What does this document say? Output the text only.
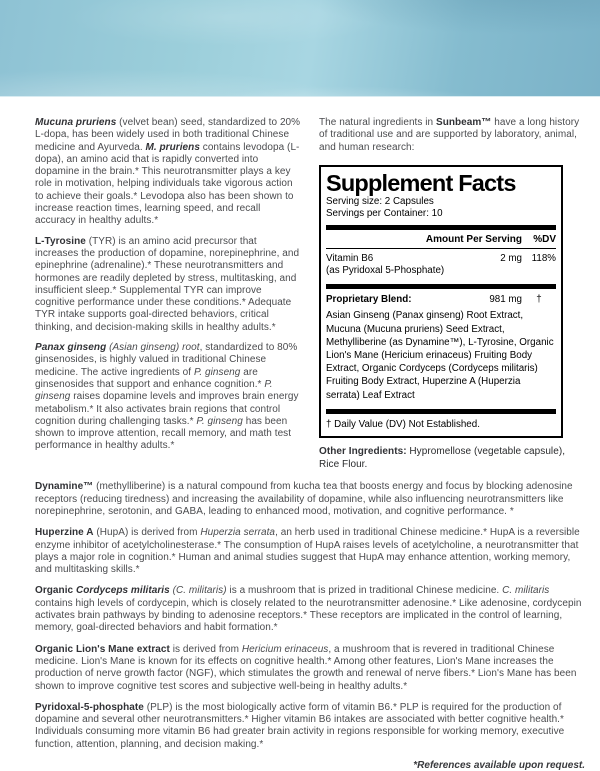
Mucuna pruriens (velvet bean) seed, standardized to 20% L-dopa, has been widely used in both traditional Chinese medicine and Ayurveda. M. pruriens contains levodopa (L-dopa), an amino acid that is rapidly converted into dopamine in the brain.* This neurotransmitter plays a key role in motivation, helping individuals take vigorous action to achieve their goals.* Levodopa also has been shown to increase reaction times, learning speed, and recall accuracy in healthy adults.*

L-Tyrosine (TYR) is an amino acid precursor that increases the production of dopamine, norepinephrine, and epinephrine (adrenaline).* These neurotransmitters and hormones are readily depleted by stress, multitasking, and insufficient sleep.* Supplemental TYR can improve cognitive performance under these conditions.* Adequate TYR intake supports goal-directed behaviors, critical thinking, and decision-making skills in healthy adults.*

Panax ginseng (Asian ginseng) root, standardized to 80% ginsenosides, is highly valued in traditional Chinese medicine. The active ingredients of P. ginseng are ginsenosides that support and enhance cognition.* P. ginseng raises dopamine levels and improves brain energy metabolism.* It also activates brain regions that control cognition during challenging tasks.* P. ginseng has been shown to improve attention, recall memory, and math test performance in healthy adults.*

The natural ingredients in Sunbeam™ have a long history of traditional use and are supported by laboratory, animal, and human research:

Supplement Facts
Serving size: 2 Capsules
Servings per Container: 10
Amount Per Serving	%DV
Vitamin B6
(as Pyridoxal 5-Phosphate)
2 mg 118%
Proprietary Blend:	981 mg	†
Asian Ginseng (Panax ginseng) Root Extract, Mucuna (Mucuna pruriens) Seed Extract, Methylliberine (as Dynamine™), L-Tyrosine, Organic Lion's Mane (Hericium erinaceus) Fruiting Body Extract, Organic Cordyceps (Cordyceps militaris) Fruiting Body Extract, Huperzine A (Huperzia serrata) Leaf Extract
† Daily Value (DV) Not Established.

Other Ingredients: Hypromellose (vegetable capsule), Rice Flour.

Dynamine™ (methylliberine) is a natural compound from kucha tea that boosts energy and focus by blocking adenosine receptors (reducing tiredness) and increasing the availability of dopamine, while also influencing neurotransmitters like norepinephrine, serotonin, and GABA, leading to enhanced mood, motivation, and cognitive performance. *

Huperzine A (HupA) is derived from Huperzia serrata, an herb used in traditional Chinese medicine.* HupA is a reversible enzyme inhibitor of acetylcholinesterase.* The consumption of HupA raises levels of acetylcholine, a neurotransmitter that plays a major role in cognition.* Human and animal studies suggest that HupA may enhance attention, working memory, and multitasking skills.*

Organic Cordyceps militaris (C. militaris) is a mushroom that is prized in traditional Chinese medicine. C. militaris contains high levels of cordycepin, which is closely related to the neurotransmitter adenosine.* Like adenosine, cordycepin activates brain pathways by binding to adenosine receptors.* These receptors are implicated in the control of learning, memory, goal-directed behaviors and habit formation.*

Organic Lion's Mane extract is derived from Hericium erinaceus, a mushroom that is revered in traditional Chinese medicine. Lion's Mane is known for its effects on cognitive health.* Among other features, Lion's Mane increases the production of nerve growth factor (NGF), which stimulates the growth and renewal of nerve fibers.* Lion's Mane has been shown to improve cognitive test scores and subjective well-being in healthy adults.*

Pyridoxal-5-phosphate (PLP) is the most biologically active form of vitamin B6.* PLP is required for the production of dopamine and several other neurotransmitters.* Higher vitamin B6 intakes are associated with better cognitive health.* Individuals consuming more vitamin B6 had greater brain activity in regions responsible for working memory, executive function, attention, planning, and decision making.*

*References available upon request.
